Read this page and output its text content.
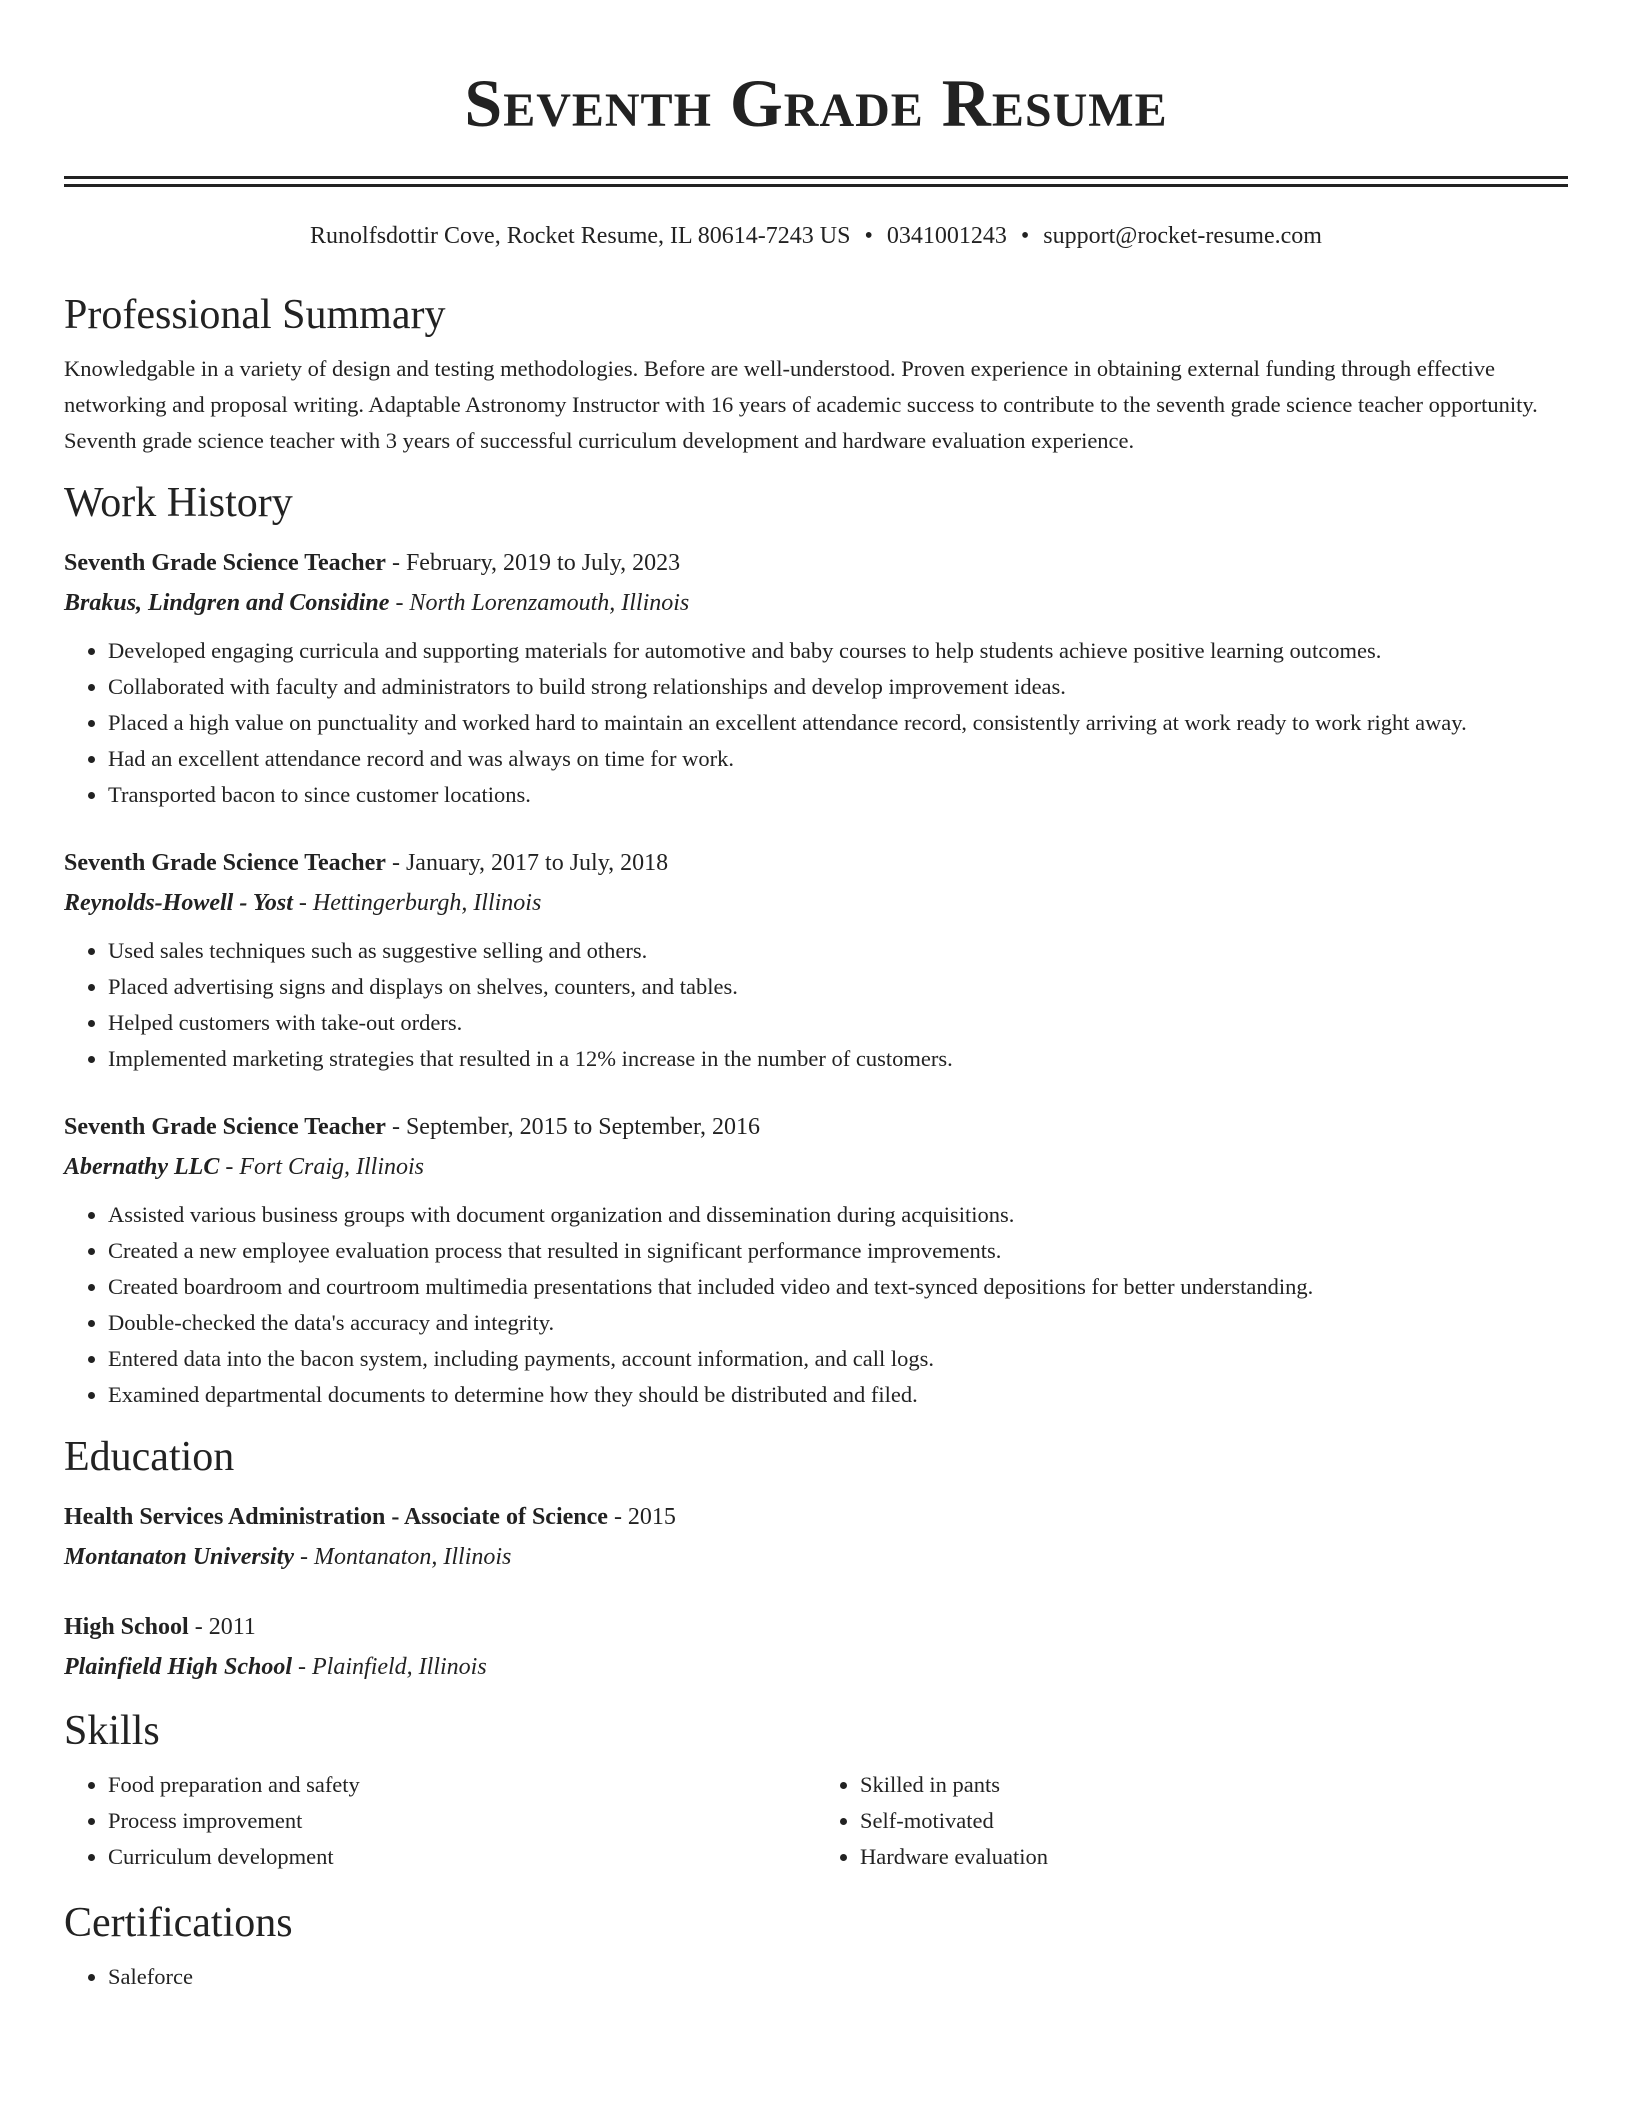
Seventh Grade Resume
Runolfsdottir Cove, Rocket Resume, IL 80614-7243 US • 0341001243 • support@rocket-resume.com
Professional Summary

Knowledgable in a variety of design and testing methodologies. Before are well-understood. Proven experience in obtaining external funding through effective networking and proposal writing. Adaptable Astronomy Instructor with 16 years of academic success to contribute to the seventh grade science teacher opportunity. Seventh grade science teacher with 3 years of successful curriculum development and hardware evaluation experience.

Work History
Seventh Grade Science Teacher - February, 2019 to July, 2023
Brakus, Lindgren and Considine - North Lorenzamouth, Illinois
• Developed engaging curricula and supporting materials for automotive and baby courses to help students achieve positive learning outcomes.
• Collaborated with faculty and administrators to build strong relationships and develop improvement ideas.
• Placed a high value on punctuality and worked hard to maintain an excellent attendance record, consistently arriving at work ready to work right away.
• Had an excellent attendance record and was always on time for work.
• Transported bacon to since customer locations.
Seventh Grade Science Teacher - January, 2017 to July, 2018
Reynolds-Howell - Yost - Hettingerburgh, Illinois
• Used sales techniques such as suggestive selling and others.
• Placed advertising signs and displays on shelves, counters, and tables.
• Helped customers with take-out orders.
• Implemented marketing strategies that resulted in a 12% increase in the number of customers.
Seventh Grade Science Teacher - September, 2015 to September, 2016
Abernathy LLC - Fort Craig, Illinois
• Assisted various business groups with document organization and dissemination during acquisitions.
• Created a new employee evaluation process that resulted in significant performance improvements.
• Created boardroom and courtroom multimedia presentations that included video and text-synced depositions for better understanding.
• Double-checked the data's accuracy and integrity.
• Entered data into the bacon system, including payments, account information, and call logs.
• Examined departmental documents to determine how they should be distributed and filed.
Education
Health Services Administration - Associate of Science - 2015
Montanaton University - Montanaton, Illinois
High School - 2011
Plainfield High School - Plainfield, Illinois
Skills
• Food preparation and safety
• Process improvement
• Curriculum development
• Skilled in pants
• Self-motivated
• Hardware evaluation
Certifications
• Saleforce
